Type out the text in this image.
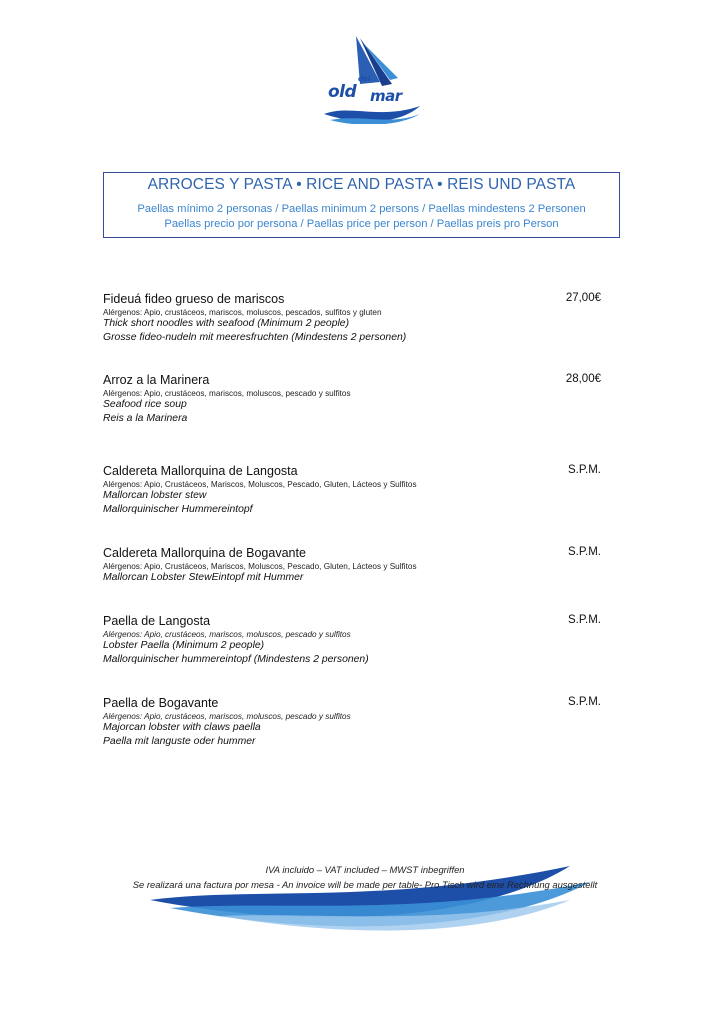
old
del
mar
ARROCES Y PASTA • RICE AND PASTA • REIS UND PASTA
Paellas mínimo 2 personas / Paellas minimum 2 persons / Paellas mindestens 2 Personen
Paellas precio por persona / Paellas price per person / Paellas preis pro Person
Fideuá fideo grueso de mariscos	27,00€
Alérgenos: Apio, crustáceos, mariscos, moluscos, pescados, sulfitos y gluten
Thick short noodles with seafood (Minimum 2 people)
Grosse fideo-nudeln mit meeresfruchten (Mindestens 2 personen)
Arroz a la Marinera	28,00€
Alérgenos: Apio, crustáceos, mariscos, moluscos, pescado y sulfitos
Seafood rice soup
Reis a la Marinera
Caldereta Mallorquina de Langosta	S.P.M.
Alérgenos: Apio, Crustáceos, Mariscos, Moluscos, Pescado, Gluten, Lácteos y Sulfitos
Mallorcan lobster stew
Mallorquinischer Hummereintopf
Caldereta Mallorquina de Bogavante	S.P.M.
Alérgenos: Apio, Crustáceos, Mariscos, Moluscos, Pescado, Gluten, Lácteos y Sulfitos
Mallorcan Lobster StewEintopf mit Hummer
Paella de Langosta	S.P.M.
Alérgenos: Apio, crustáceos, mariscos, moluscos, pescado y sulfitos
Lobster Paella (Minimum 2 people)
Mallorquinischer hummereintopf (Mindestens 2 personen)
Paella de Bogavante	S.P.M.
Alérgenos: Apio, crustáceos, mariscos, moluscos, pescado y sulfitos
Majorcan lobster with claws paella
Paella mit languste oder hummer
IVA incluido – VAT included – MWST inbegriffen
Se realizará una factura por mesa - An invoice will be made per table- Pro Tisch wird eine Rechnung ausgestellt
